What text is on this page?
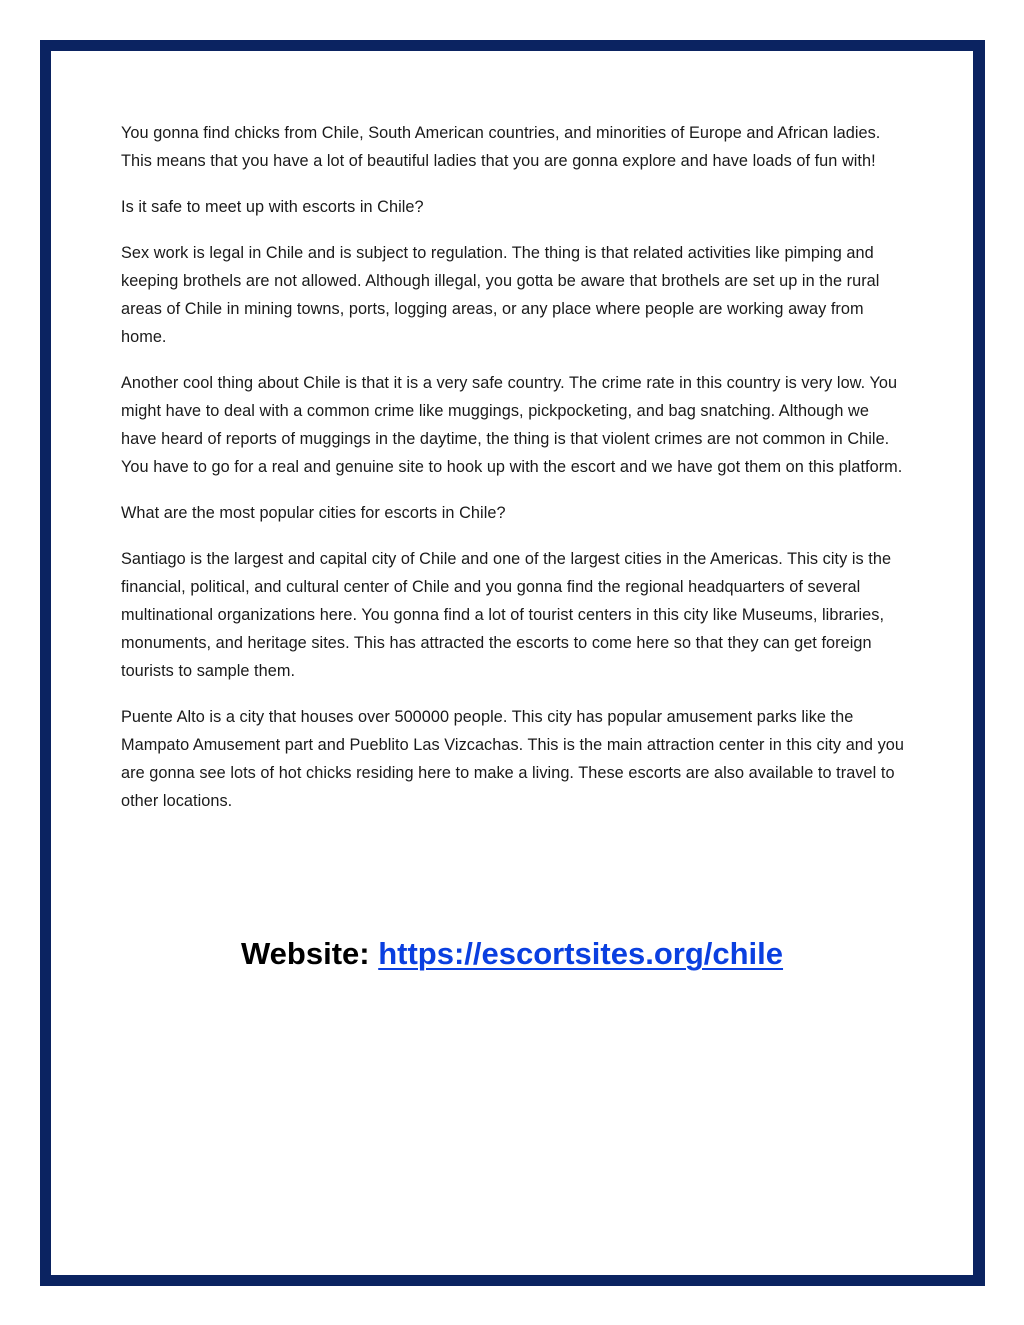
You gonna find chicks from Chile, South American countries, and minorities of Europe and African ladies. This means that you have a lot of beautiful ladies that you are gonna explore and have loads of fun with!

Is it safe to meet up with escorts in Chile?

Sex work is legal in Chile and is subject to regulation. The thing is that related activities like pimping and keeping brothels are not allowed. Although illegal, you gotta be aware that brothels are set up in the rural areas of Chile in mining towns, ports, logging areas, or any place where people are working away from home.

Another cool thing about Chile is that it is a very safe country. The crime rate in this country is very low. You might have to deal with a common crime like muggings, pickpocketing, and bag snatching. Although we have heard of reports of muggings in the daytime, the thing is that violent crimes are not common in Chile. You have to go for a real and genuine site to hook up with the escort and we have got them on this platform.

What are the most popular cities for escorts in Chile?

Santiago is the largest and capital city of Chile and one of the largest cities in the Americas. This city is the financial, political, and cultural center of Chile and you gonna find the regional headquarters of several multinational organizations here. You gonna find a lot of tourist centers in this city like Museums, libraries, monuments, and heritage sites. This has attracted the escorts to come here so that they can get foreign tourists to sample them.

Puente Alto is a city that houses over 500000 people. This city has popular amusement parks like the Mampato Amusement part and Pueblito Las Vizcachas. This is the main attraction center in this city and you are gonna see lots of hot chicks residing here to make a living. These escorts are also available to travel to other locations.

Website: https://escortsites.org/chile
